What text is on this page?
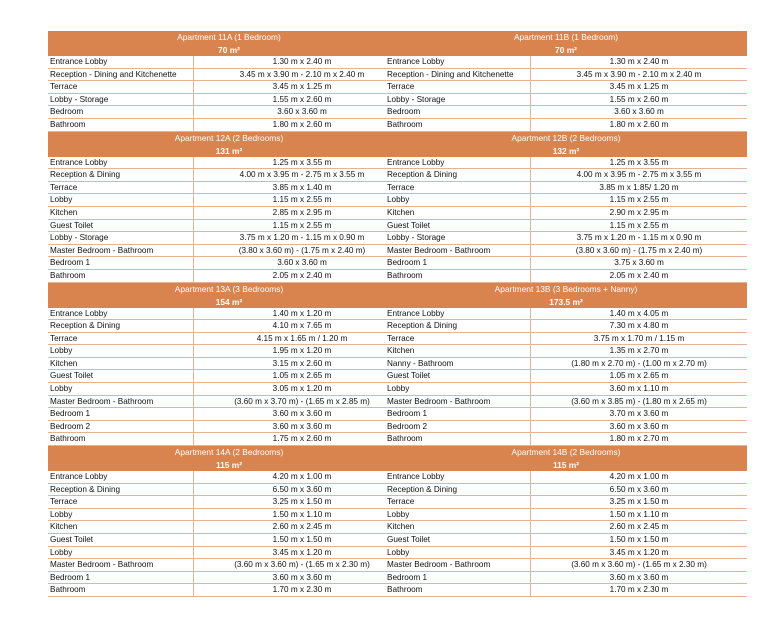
Apartment 11A (1 Bedroom)
70 m²
Entrance Lobby	1.30 m x 2.40 m
Reception - Dining and Kitchenette	3.45 m x 3.90 m - 2.10 m x 2.40 m
Terrace	3.45 m x 1.25 m
Lobby - Storage	1.55 m x 2.60 m
Bedroom	3.60 x 3.60 m
Bathroom	1.80 m x 2.60 m
Apartment 12A (2 Bedrooms)
131 m²
Entrance Lobby	1.25 m x 3.55 m
Reception & Dining	4.00 m x 3.95 m - 2.75 m x 3.55 m
Terrace	3.85 m x 1.40 m
Lobby	1.15 m x 2.55 m
Kitchen	2.85 m x 2.95 m
Guest Toilet	1.15 m x 2.55 m
Lobby - Storage	3.75 m x 1.20 m - 1.15 m x 0.90 m
Master Bedroom - Bathroom	(3.80 x 3.60 m) - (1.75 m x 2.40 m)
Bedroom 1	3.60 x 3.60 m
Bathroom	2.05 m x 2.40 m
Apartment 13A (3 Bedrooms)
154 m²
Entrance Lobby	1.40 m x 1.20 m
Reception & Dining	4.10 m x 7.65 m
Terrace	4.15 m x 1.65 m / 1.20 m
Lobby	1.95 m x 1.20 m
Kitchen	3.15 m x 2.60 m
Guest Toilet	1.05 m x 2.65 m
Lobby	3.05 m x 1.20 m
Master Bedroom - Bathroom	(3.60 m x 3.70 m) - (1.65 m x 2.85 m)
Bedroom 1	3.60 m x 3.60 m
Bedroom 2	3.60 m x 3.60 m
Bathroom	1.75 m x 2.60 m
Apartment 14A (2 Bedrooms)
115 m²
Entrance Lobby	4.20 m x 1.00 m
Reception & Dining	6.50 m x 3.60 m
Terrace	3.25 m x 1.50 m
Lobby	1.50 m x 1.10 m
Kitchen	2.60 m x 2.45 m
Guest Toilet	1.50 m x 1.50 m
Lobby	3.45 m x 1.20 m
Master Bedroom - Bathroom	(3.60 m x 3.60 m) - (1.65 m x 2.30 m)
Bedroom 1	3.60 m x 3.60 m
Bathroom	1.70 m x 2.30 m
Apartment 11B (1 Bedroom)
70 m²
Entrance Lobby	1.30 m x 2.40 m
Reception - Dining and Kitchenette	3.45 m x 3.90 m - 2.10 m x 2.40 m
Terrace	3.45 m x 1.25 m
Lobby - Storage	1.55 m x 2.60 m
Bedroom	3.60 x 3.60 m
Bathroom	1.80 m x 2.60 m
Apartment 12B (2 Bedrooms)
132 m²
Entrance Lobby	1.25 m x 3.55 m
Reception & Dining	4.00 m x 3.95 m - 2.75 m x 3.55 m
Terrace	3.85 m x 1.85/ 1.20 m
Lobby	1.15 m x 2.55 m
Kitchen	2.90 m x 2.95 m
Guest Toilet	1.15 m x 2.55 m
Lobby - Storage	3.75 m x 1.20 m - 1.15 m x 0.90 m
Master Bedroom - Bathroom	(3.80 x 3.60 m) - (1.75 m x 2.40 m)
Bedroom 1	3.75 x 3.60 m
Bathroom	2.05 m x 2.40 m
Apartment 13B (3 Bedrooms + Nanny)
173.5 m²
Entrance Lobby	1.40 m x 4.05 m
Reception & Dining	7.30 m x 4.80 m
Terrace	3.75 m x 1.70 m / 1.15 m
Kitchen	1.35 m x 2.70 m
Nanny - Bathroom	(1.80 m x 2.70 m) - (1.00 m x 2.70 m)
Guest Toilet	1.05 m x 2.65 m
Lobby	3.60 m x 1.10 m
Master Bedroom - Bathroom	(3.60 m x 3.85 m) - (1.80 m x 2.65 m)
Bedroom 1	3.70 m x 3.60 m
Bedroom 2	3.60 m x 3.60 m
Bathroom	1.80 m x 2.70 m
Apartment 14B (2 Bedrooms)
115 m²
Entrance Lobby	4.20 m x 1.00 m
Reception & Dining	6.50 m x 3.60 m
Terrace	3.25 m x 1.50 m
Lobby	1.50 m x 1.10 m
Kitchen	2.60 m x 2.45 m
Guest Toilet	1.50 m x 1.50 m
Lobby	3.45 m x 1.20 m
Master Bedroom - Bathroom	(3.60 m x 3.60 m) - (1.65 m x 2.30 m)
Bedroom 1	3.60 m x 3.60 m
Bathroom	1.70 m x 2.30 m
